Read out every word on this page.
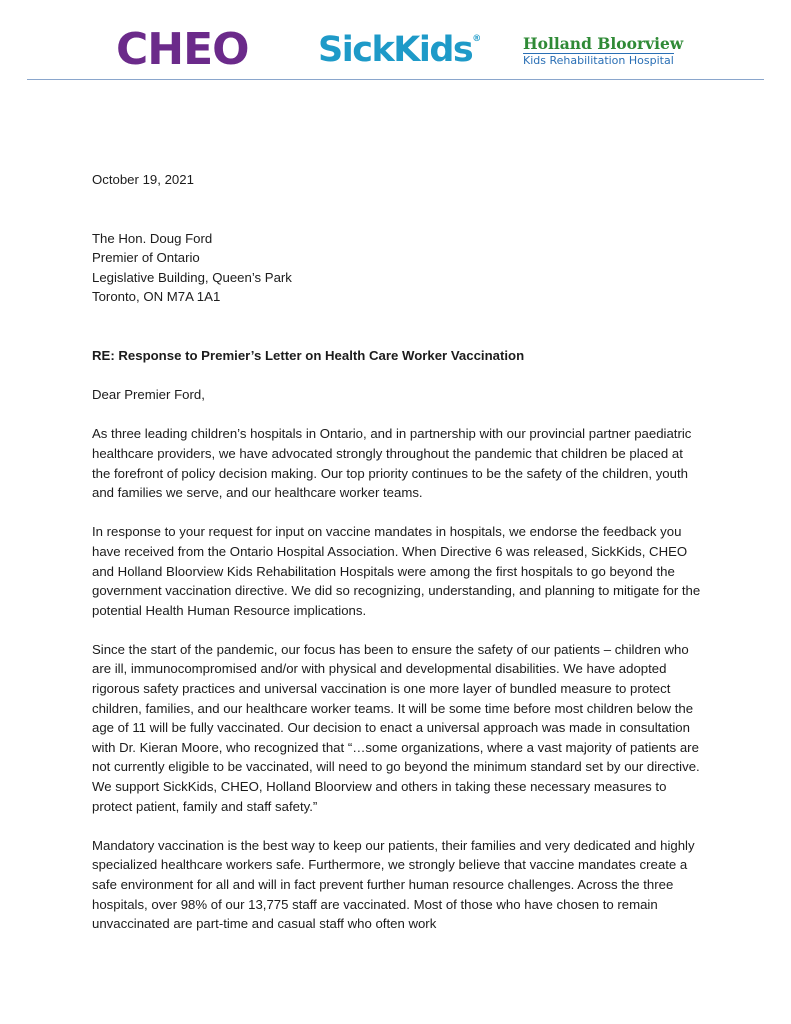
CHEO SickKids®	Holland Bloorview
Kids Rehabilitation Hospital

October 19, 2021

The Hon. Doug Ford
Premier of Ontario
Legislative Building, Queen’s Park
Toronto, ON M7A 1A1

RE: Response to Premier’s Letter on Health Care Worker Vaccination

Dear Premier Ford,

As three leading children’s hospitals in Ontario, and in partnership with our provincial partner paediatric healthcare providers, we have advocated strongly throughout the pandemic that children be placed at the forefront of policy decision making. Our top priority continues to be the safety of the children, youth and families we serve, and our healthcare worker teams.

In response to your request for input on vaccine mandates in hospitals, we endorse the feedback you have received from the Ontario Hospital Association. When Directive 6 was released, SickKids, CHEO and Holland Bloorview Kids Rehabilitation Hospitals were among the first hospitals to go beyond the government vaccination directive. We did so recognizing, understanding, and planning to mitigate for the potential Health Human Resource implications.

Since the start of the pandemic, our focus has been to ensure the safety of our patients – children who are ill, immunocompromised and/or with physical and developmental disabilities. We have adopted rigorous safety practices and universal vaccination is one more layer of bundled measure to protect children, families, and our healthcare worker teams. It will be some time before most children below the age of 11 will be fully vaccinated. Our decision to enact a universal approach was made in consultation with Dr. Kieran Moore, who recognized that “…some organizations, where a vast majority of patients are not currently eligible to be vaccinated, will need to go beyond the minimum standard set by our directive. We support SickKids, CHEO, Holland Bloorview and others in taking these necessary measures to protect patient, family and staff safety.”

Mandatory vaccination is the best way to keep our patients, their families and very dedicated and highly specialized healthcare workers safe. Furthermore, we strongly believe that vaccine mandates create a safe environment for all and will in fact prevent further human resource challenges. Across the three hospitals, over 98% of our 13,775 staff are vaccinated. Most of those who have chosen to remain unvaccinated are part-time and casual staff who often work
